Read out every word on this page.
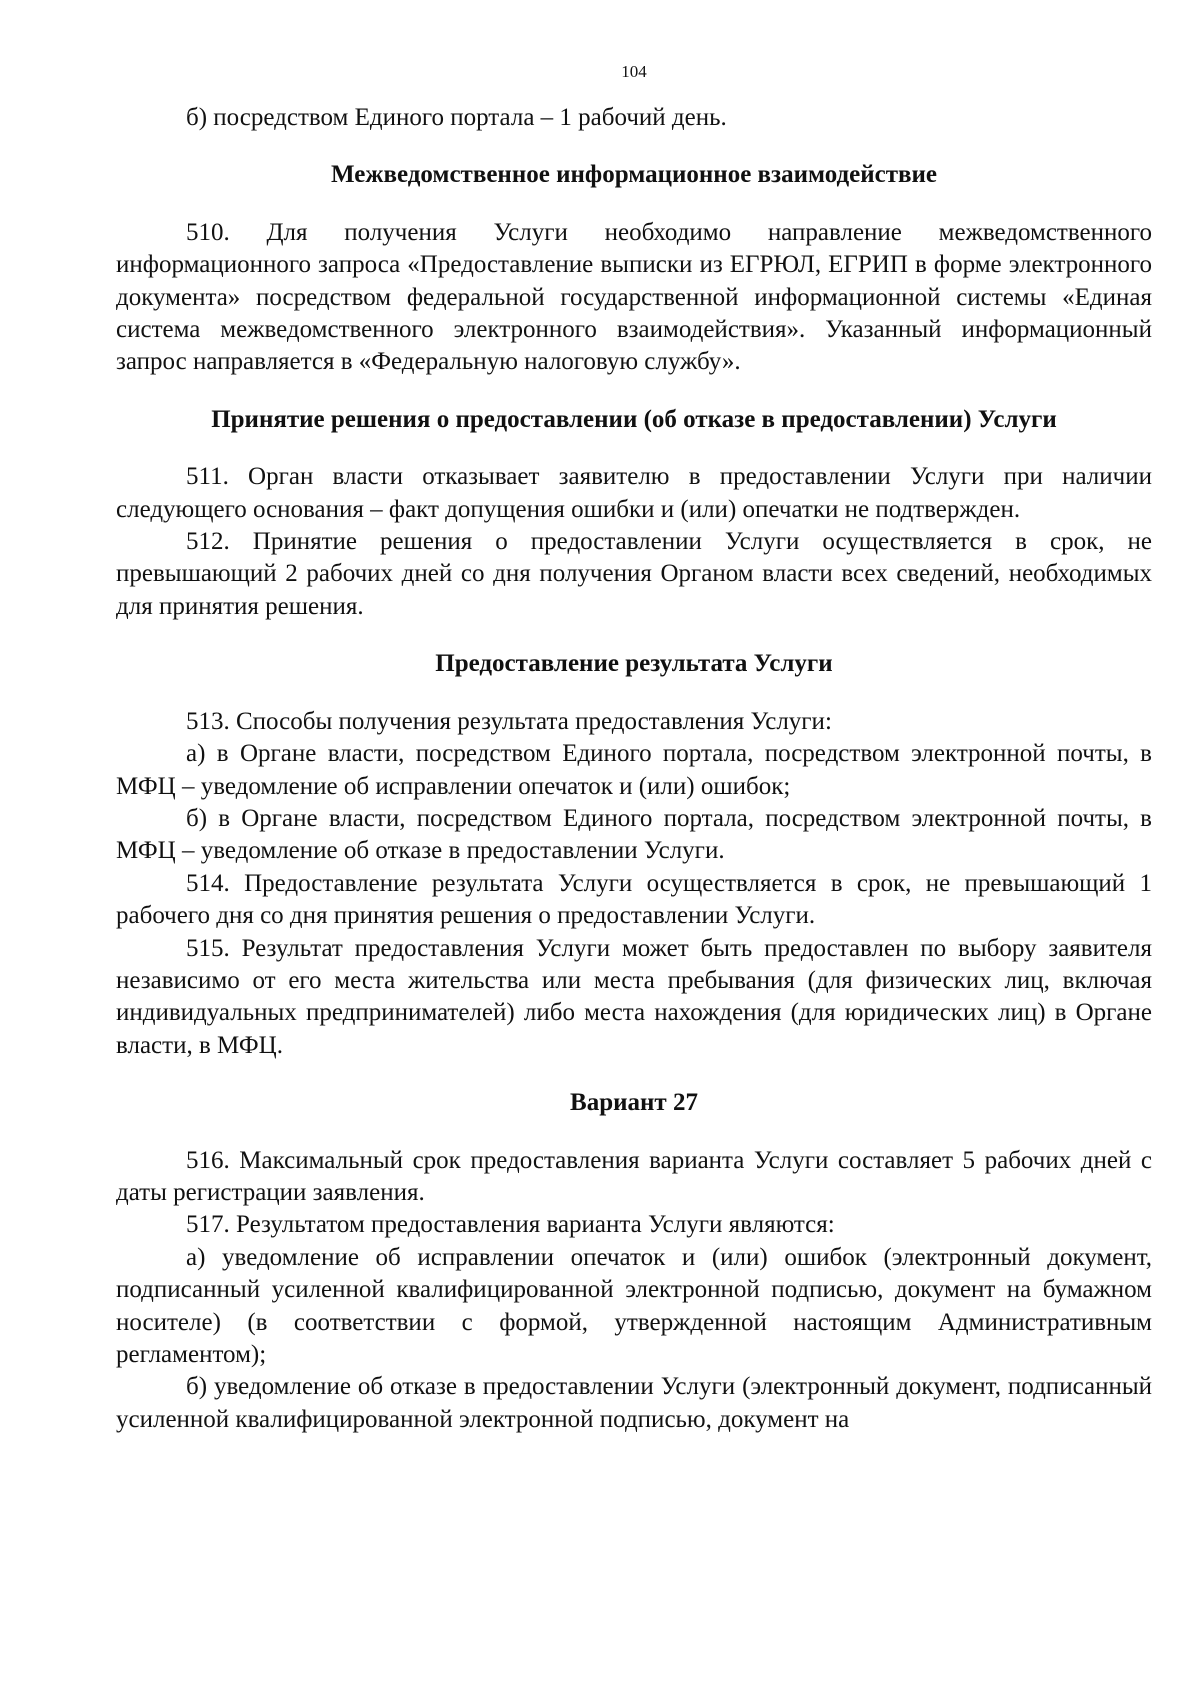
104

б) посредством Единого портала – 1 рабочий день.

Межведомственное информационное взаимодействие

510. Для получения Услуги необходимо направление межведомственного информационного запроса «Предоставление выписки из ЕГРЮЛ, ЕГРИП в форме электронного документа» посредством федеральной государственной информационной системы «Единая система межведомственного электронного взаимодействия». Указанный информационный запрос направляется в «Федеральную налоговую службу».

Принятие решения о предоставлении (об отказе в предоставлении) Услуги

511. Орган власти отказывает заявителю в предоставлении Услуги при наличии следующего основания – факт допущения ошибки и (или) опечатки не подтвержден.

512. Принятие решения о предоставлении Услуги осуществляется в срок, не превышающий 2 рабочих дней со дня получения Органом власти всех сведений, необходимых для принятия решения.

Предоставление результата Услуги

513. Способы получения результата предоставления Услуги:

а) в Органе власти, посредством Единого портала, посредством электронной почты, в МФЦ – уведомление об исправлении опечаток и (или) ошибок;

б) в Органе власти, посредством Единого портала, посредством электронной почты, в МФЦ – уведомление об отказе в предоставлении Услуги.

514. Предоставление результата Услуги осуществляется в срок, не превышающий 1 рабочего дня со дня принятия решения о предоставлении Услуги.

515. Результат предоставления Услуги может быть предоставлен по выбору заявителя независимо от его места жительства или места пребывания (для физических лиц, включая индивидуальных предпринимателей) либо места нахождения (для юридических лиц) в Органе власти, в МФЦ.

Вариант 27

516. Максимальный срок предоставления варианта Услуги составляет 5 рабочих дней с даты регистрации заявления.

517. Результатом предоставления варианта Услуги являются:

а) уведомление об исправлении опечаток и (или) ошибок (электронный документ, подписанный усиленной квалифицированной электронной подписью, документ на бумажном носителе) (в соответствии с формой, утвержденной настоящим Административным регламентом);

б) уведомление об отказе в предоставлении Услуги (электронный документ, подписанный усиленной квалифицированной электронной подписью, документ на
